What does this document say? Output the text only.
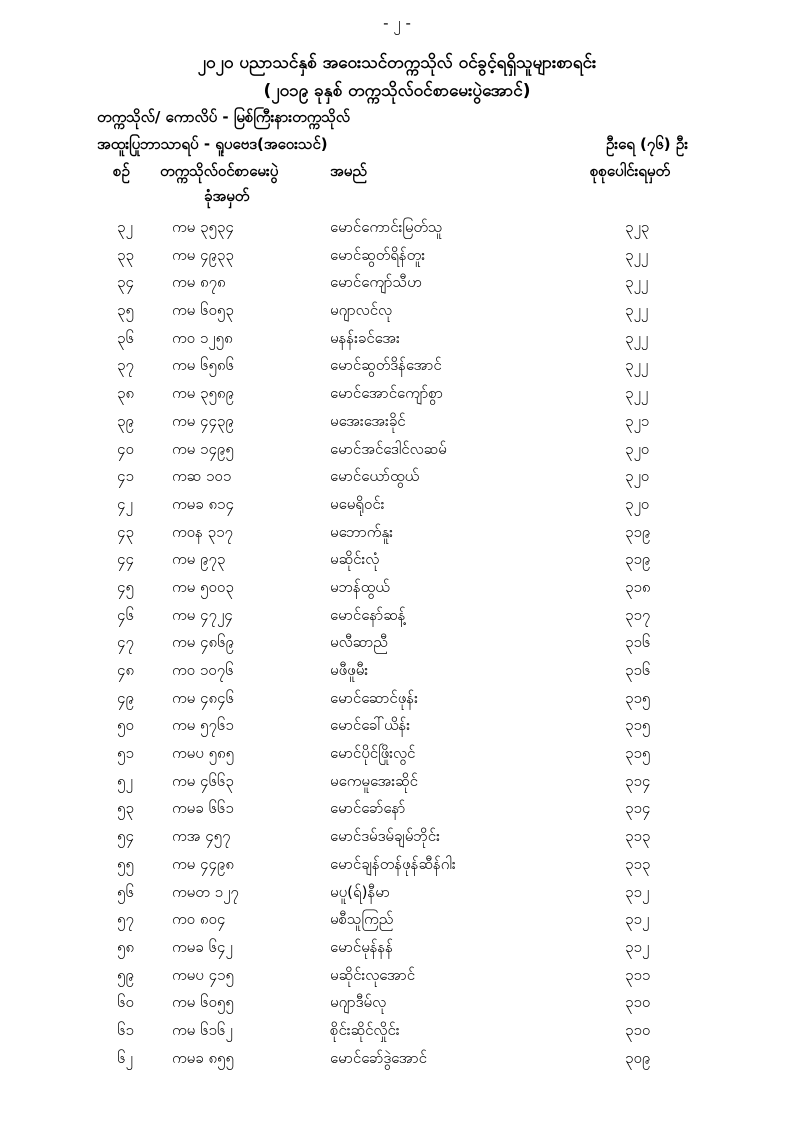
- ၂ -
၂၀၂၀ ပညာသင်နှစ် အဝေးသင်တက္ကသိုလ် ဝင်ခွင့်ရရှိသူများစာရင်း
(၂၀၁၉ ခုနှစ် တက္ကသိုလ်ဝင်စာမေးပွဲအောင်)
တက္ကသိုလ်/ ကောလိပ် - မြစ်ကြီးနားတက္ကသိုလ်
အထူးပြုဘာသာရပ် - ရူပဗေဒ(အဝေးသင်)	ဦးရေ (၇၆) ဦး
စဉ် တက္ကသိုလ်ဝင်စာမေးပွဲ
ခုံအမှတ်
အမည်	စုစုပေါင်းရမှတ်
၃၂	ကမ ၃၅၃၄	မောင်ကောင်းမြတ်သူ	၃၂၃
၃၃	ကမ ၄၉၃၃	မောင်ဆွတ်ရိန်တူး	၃၂၂
၃၄	ကမ ၈၇၈	မောင်ကျော်သီဟ	၃၂၂
၃၅	ကမ ၆၀၅၃	မဂျာလင်လု	၃၂၂
၃၆	ကဝ ၁၂၅၈	မနန်းခင်အေး	၃၂၂
၃၇	ကမ ၆၅၈၆	မောင်ဆွတ်ဒိန်အောင်	၃၂၂
၃၈	ကမ ၃၅၈၉	မောင်အောင်ကျော်စွာ	၃၂၂
၃၉	ကမ ၄၄၃၉	မအေးအေးခိုင်	၃၂၁
၄၀	ကမ ၁၄၉၅	မောင်အင်ဒေါင်လဆမ်	၃၂၀
၄၁	ကဆ ၁၀၁	မောင်ယော်ထွယ်	၃၂၀
၄၂	ကမခ ၈၁၄	မမေရိုဝင်း	၃၂၀
၄၃	ကဝန ၃၁၇	မဘောက်နူး	၃၁၉
၄၄	ကမ ၉၇၃	မဆိုင်းလုံ	၃၁၉
၄၅	ကမ ၅၀၀၃	မဘန်ထွယ်	၃၁၈
၄၆	ကမ ၄၇၂၄	မောင်နော်ဆန့်	၃၁၇
၄၇	ကမ ၄၈၆၉	မလီဆာညီ	၃၁၆
၄၈	ကဝ ၁၀၇၆	မဖီဖူမီး	၃၁၆
၄၉	ကမ ၄၈၄၆	မောင်ဆောင်ဖုန်း	၃၁၅
၅၀	ကမ ၅၇၆၁	မောင်ခေါ်ယိန်း	၃၁၅
၅၁	ကမပ ၅၈၅	မောင်ပိုင်ဖြိုးလွင်	၃၁၅
၅၂	ကမ ၄၆၆၃	မကေမူအေးဆိုင်	၃၁၄
၅၃	ကမခ ၆၆၁	မောင်ခော်နော်	၃၁၄
၅၄	ကအ ၄၅၇	မောင်ဒမ်ဒမ်ချမ်ဘိုင်း	၃၁၃
၅၅	ကမ ၄၄၉၈	မောင်ချန်တန်ဖုန်ဆီန်ဂါး	၃၁၃
၅၆	ကမတ ၁၂၇	မပူ(ရ်)နီမာ	၃၁၂
၅၇	ကဝ ၈၀၄	မစီသူကြည်	၃၁၂
၅၈	ကမခ ၆၄၂	မောင်မုန်နန်	၃၁၂
၅၉	ကမပ ၄၁၅	မဆိုင်းလုအောင်	၃၁၁
၆၀	ကမ ၆၀၅၅	မဂျာဒီမ်လု	၃၁၀
၆၁	ကမ ၆၁၆၂	စိုင်းဆိုင်လှိုင်း	၃၁၀
၆၂	ကမခ ၈၅၅	မောင်ခော်ဒွဲအောင်	၃၀၉
